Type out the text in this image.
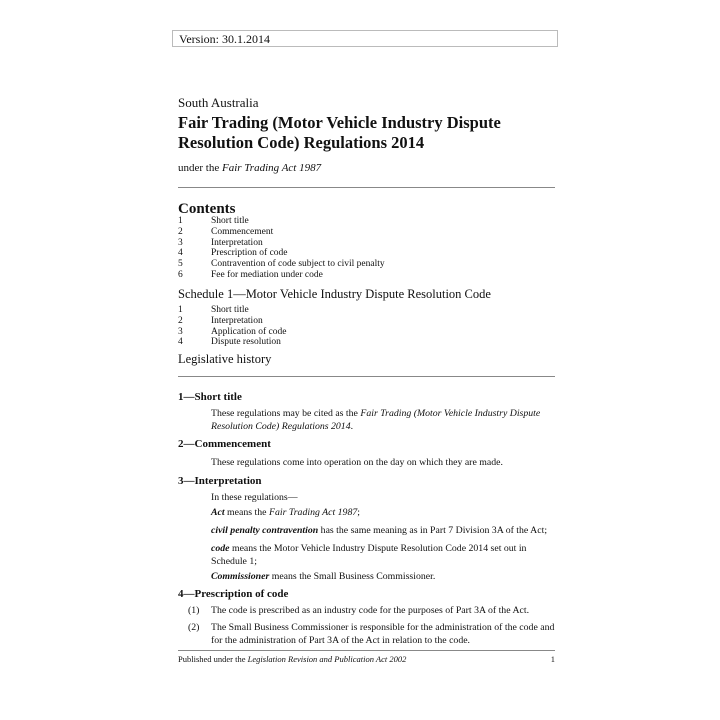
Version: 30.1.2014
South Australia
Fair Trading (Motor Vehicle Industry Dispute
Resolution Code) Regulations 2014
under the Fair Trading Act 1987
Contents
1	Short title
2	Commencement
3	Interpretation
4	Prescription of code
5	Contravention of code subject to civil penalty
6	Fee for mediation under code
Schedule 1—Motor Vehicle Industry Dispute Resolution Code
1	Short title
2	Interpretation
3	Application of code
4	Dispute resolution
Legislative history
1—Short title
These regulations may be cited as the Fair Trading (Motor Vehicle Industry Dispute Resolution Code) Regulations 2014.
2—Commencement
These regulations come into operation on the day on which they are made.
3—Interpretation
In these regulations—
Act means the Fair Trading Act 1987;
civil penalty contravention has the same meaning as in Part 7 Division 3A of the Act;
code means the Motor Vehicle Industry Dispute Resolution Code 2014 set out in Schedule 1;
Commissioner means the Small Business Commissioner.
4—Prescription of code
(1)	The code is prescribed as an industry code for the purposes of Part 3A of the Act.
(2)	The Small Business Commissioner is responsible for the administration of the code and for the administration of Part 3A of the Act in relation to the code.
Published under the Legislation Revision and Publication Act 2002	1
